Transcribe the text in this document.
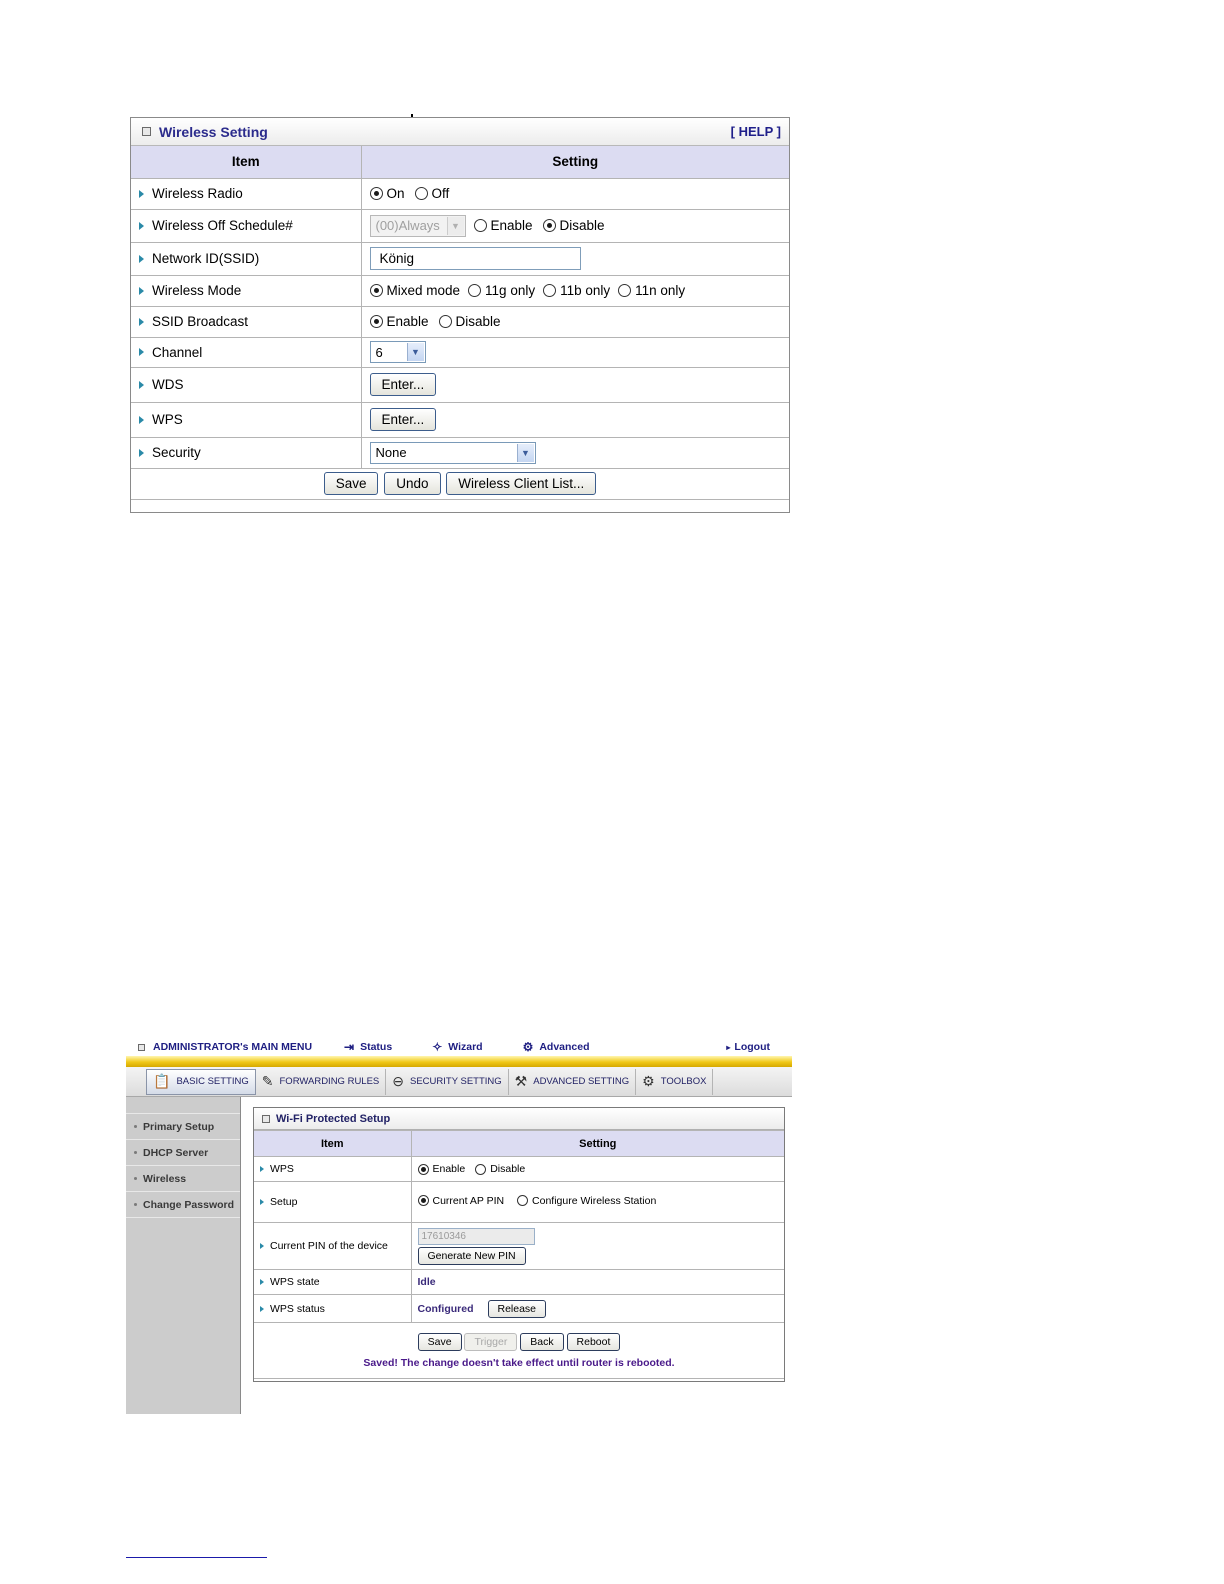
Wireless Setting	[ HELP ]
Item	Setting

Wireless Radio	On Off

Wireless Off Schedule#	(00)Always ▼ Enable Disable

Network ID(SSID)	König

Wireless Mode	Mixed mode 11g only 11b only 11n only

SSID Broadcast	Enable Disable

Channel	6 ▼

WDS	Enter...

WPS	Enter...

Security	None ▼

Save Undo Wireless Client List...	
ADMINISTRATOR's MAIN MENU	⇥ Status	✧ Wizard	⚙ Advanced	▸ Logout
📋 BASIC SETTING ✎ FORWARDING RULES ⊖ SECURITY SETTING ⚒ ADVANCED SETTING ⚙ TOOLBOX
Primary Setup
DHCP Server
Wireless
Change Password
Wi-Fi Protected Setup
Item	Setting

WPS	Enable Disable

Setup	Current AP PIN
Configure Wireless Station

Current PIN of the device	17610346
Generate New PIN

WPS state	Idle

WPS status	Configured Release

Save Trigger Back Reboot
Saved! The change doesn't take effect until router is rebooted.	
